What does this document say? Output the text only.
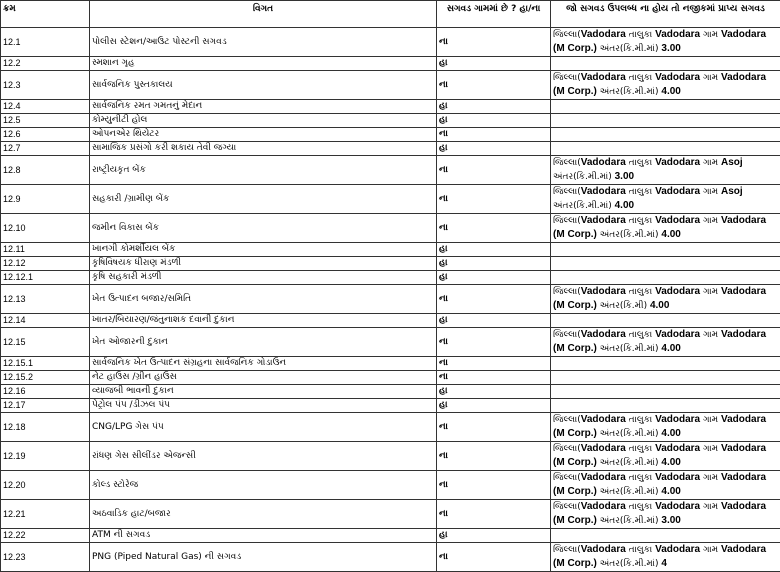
ક્રમ	વિગત	સગવડ ગામમાં છે ? હા/ના	જો સગવડ ઉપલબ્ધ ના હોય તો નજીકમાં પ્રાપ્ય સગવડ
12.1	પોલીસ સ્ટેશન/આઉટ પોસ્ટની સગવડ	ના	જિલ્લા(Vadodara તાલુકા Vadodara ગામ Vadodara (M Corp.) અંતર(કિ.મી.માં) 3.00
12.2	સ્મશાન ગૃહ	હા	
12.3	સાર્વજનિક પુસ્તકાલય	ના	જિલ્લા(Vadodara તાલુકા Vadodara ગામ Vadodara (M Corp.) અંતર(કિ.મી.માં) 4.00
12.4	સાર્વજનિક રમત ગમતનું મેદાન	હા	
12.5	કોમ્યુનીટી હોલ	હા	
12.6	ઓપનએર થિયેટર	ના	
12.7	સામાજિક પ્રસંગો કરી શકાય તેવી જગ્યા	હા	
12.8	રાષ્ટ્રીયકૃત બેંક	ના	જિલ્લા(Vadodara તાલુકા Vadodara ગામ Asoj અંતર(કિ.મી.માં) 3.00
12.9	સહકારી /ગ્રામીણ બેંક	ના	જિલ્લા(Vadodara તાલુકા Vadodara ગામ Asoj અંતર(કિ.મી.માં) 4.00
12.10	જમીન વિકાસ બેંક	ના	જિલ્લા(Vadodara તાલુકા Vadodara ગામ Vadodara (M Corp.) અંતર(કિ.મી.માં) 4.00
12.11	ખાનગી કોમર્શીયલ બેંક	હા	
12.12	કૃષિવિષયક ધીરાણ મંડળી	હા	
12.12.1	કૃષિ સહકારી મંડળી	હા	
12.13	ખેત ઉત્પાદન બજાર/સમિતિ	ના	જિલ્લા(Vadodara તાલુકા Vadodara ગામ Vadodara (M Corp.) અંતર(કિ.મી) 4.00
12.14	ખાતર/બિયારણ/જંતુનાશક દવાની દુકાન	હા	
12.15	ખેત ઓજારની દુકાન	ના	જિલ્લા(Vadodara તાલુકા Vadodara ગામ Vadodara (M Corp.) અંતર(કિ.મી.માં) 4.00
12.15.1	સાર્વજનિક ખેત ઉત્પાદન સંગ્રહના સાર્વજનિક ગોડાઉન	ના	
12.15.2	નેટ હાઉસ /ગ્રીન હાઉસ	ના	
12.16	વ્યાજબી ભાવની દુકાન	હા	
12.17	પેટ્રોલ પંપ /ડીઝલ પંપ	હા	
12.18	CNG/LPG ગેસ પંપ	ના	જિલ્લા(Vadodara તાલુકા Vadodara ગામ Vadodara (M Corp.) અંતર(કિ.મી.માં) 4.00
12.19	રાંધણ ગેસ સીલીંડર એજન્સી	ના	જિલ્લા(Vadodara તાલુકા Vadodara ગામ Vadodara (M Corp.) અંતર(કિ.મી.માં) 4.00
12.20	કોલ્ડ સ્ટોરેજ	ના	જિલ્લા(Vadodara તાલુકા Vadodara ગામ Vadodara (M Corp.) અંતર(કિ.મી.માં) 4.00
12.21	અઠવાડિક હાટ/બજાર	ના	જિલ્લા(Vadodara તાલુકા Vadodara ગામ Vadodara (M Corp.) અંતર(કિ.મી.માં) 3.00
12.22	ATM ની સગવડ	હા	
12.23	PNG (Piped Natural Gas) ની સગવડ	ના	જિલ્લા(Vadodara તાલુકા Vadodara ગામ Vadodara (M Corp.) અંતર(કિ.મી.માં) 4
